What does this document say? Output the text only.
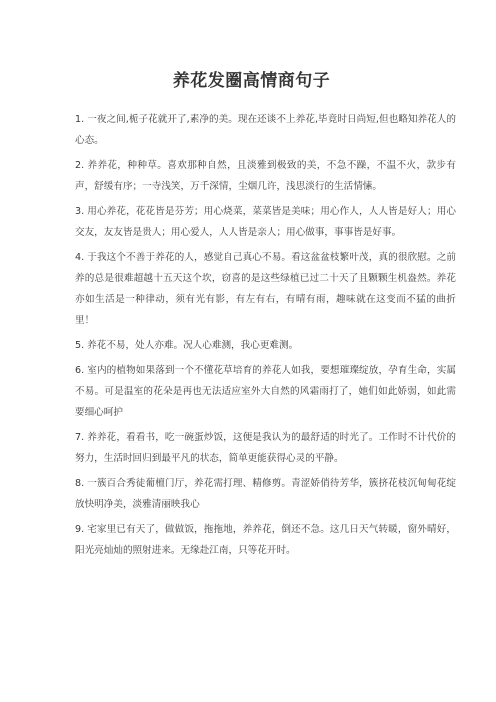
养花发圈高情商句子

1. 一夜之间,栀子花就开了,素净的美。现在还谈不上养花,毕竟时日尚短,但也略知养花人的心态。

2. 养养花，种种草。喜欢那种自然，且淡雅到极致的美，不急不躁，不温不火，款步有声，舒缓有序；一寺浅笑，万千深情，尘烟几许，浅思淡行的生活情愫。

3. 用心养花，花花皆是芬芳；用心烧菜，菜菜皆是美味；用心作人，人人皆是好人；用心交友，友友皆是贵人；用心爱人，人人皆是亲人；用心做事，事事皆是好事。

4. 于我这个不善于养花的人，感觉自己真心不易。看这盆盆枝繁叶茂，真的很欣慰。之前养的总是很难超越十五天这个坎，窃喜的是这些绿植已过二十天了且颗颗生机盎然。养花亦如生活是一种律动，须有光有影，有左有右，有晴有雨，趣味就在这变而不猛的曲折里！

5. 养花不易，处人亦难。况人心难测，我心更难测。

6. 室内的植物如果落到一个不懂花草培育的养花人如我，要想璀璨绽放，孕育生命，实属不易。可是温室的花朵是再也无法适应室外大自然的风霜雨打了，她们如此娇弱，如此需要细心呵护

7. 养养花，看看书，吃一碗蛋炒饭，这便是我认为的最舒适的时光了。工作时不计代价的努力，生活时回归到最平凡的状态，简单更能获得心灵的平静。

8. 一簇百合秀徒葡檀门厅，养花需打理、精修剪。青涩娇俏待芳华，簇挤花枝沉甸甸花绽放快明净美，淡雅清丽映我心

9. 宅家里已有天了，做做饭，拖拖地，养养花，倒还不急。这几日天气转暖，窗外晴好，阳光亮灿灿的照射进来。无缘赴江南，只等花开时。
